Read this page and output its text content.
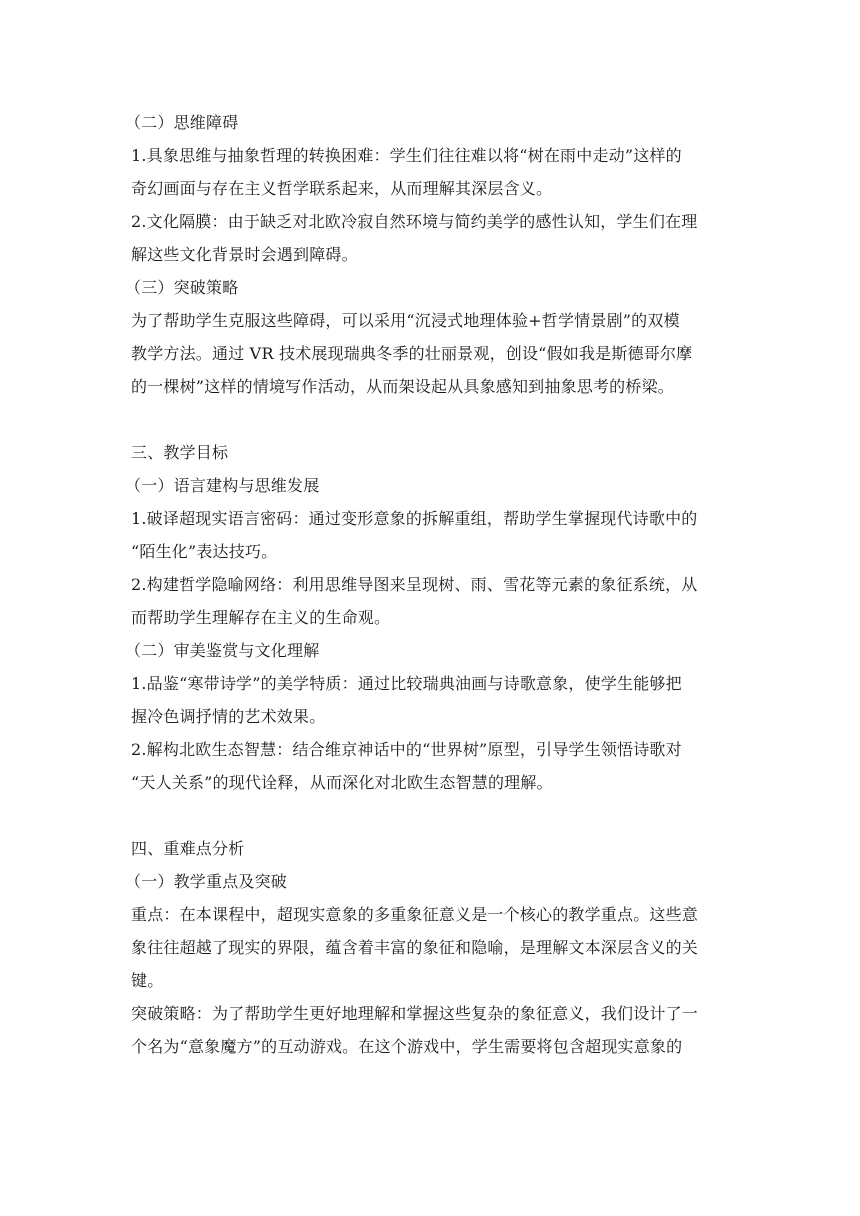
（二）思维障碍
1.具象思维与抽象哲理的转换困难：学生们往往难以将“树在雨中走动”这样的
奇幻画面与存在主义哲学联系起来，从而理解其深层含义。
2.文化隔膜：由于缺乏对北欧冷寂自然环境与简约美学的感性认知，学生们在理
解这些文化背景时会遇到障碍。
（三）突破策略
为了帮助学生克服这些障碍，可以采用“沉浸式地理体验+哲学情景剧”的双模
教学方法。通过 VR 技术展现瑞典冬季的壮丽景观，创设“假如我是斯德哥尔摩
的一棵树”这样的情境写作活动，从而架设起从具象感知到抽象思考的桥梁。
三、教学目标
（一）语言建构与思维发展
1.破译超现实语言密码：通过变形意象的拆解重组，帮助学生掌握现代诗歌中的
“陌生化”表达技巧。
2.构建哲学隐喻网络：利用思维导图来呈现树、雨、雪花等元素的象征系统，从
而帮助学生理解存在主义的生命观。
（二）审美鉴赏与文化理解
1.品鉴“寒带诗学”的美学特质：通过比较瑞典油画与诗歌意象，使学生能够把
握冷色调抒情的艺术效果。
2.解构北欧生态智慧：结合维京神话中的“世界树”原型，引导学生领悟诗歌对
“天人关系”的现代诠释，从而深化对北欧生态智慧的理解。
四、重难点分析
（一）教学重点及突破
重点：在本课程中，超现实意象的多重象征意义是一个核心的教学重点。这些意
象往往超越了现实的界限，蕴含着丰富的象征和隐喻，是理解文本深层含义的关
键。
突破策略：为了帮助学生更好地理解和掌握这些复杂的象征意义，我们设计了一
个名为“意象魔方”的互动游戏。在这个游戏中，学生需要将包含超现实意象的
